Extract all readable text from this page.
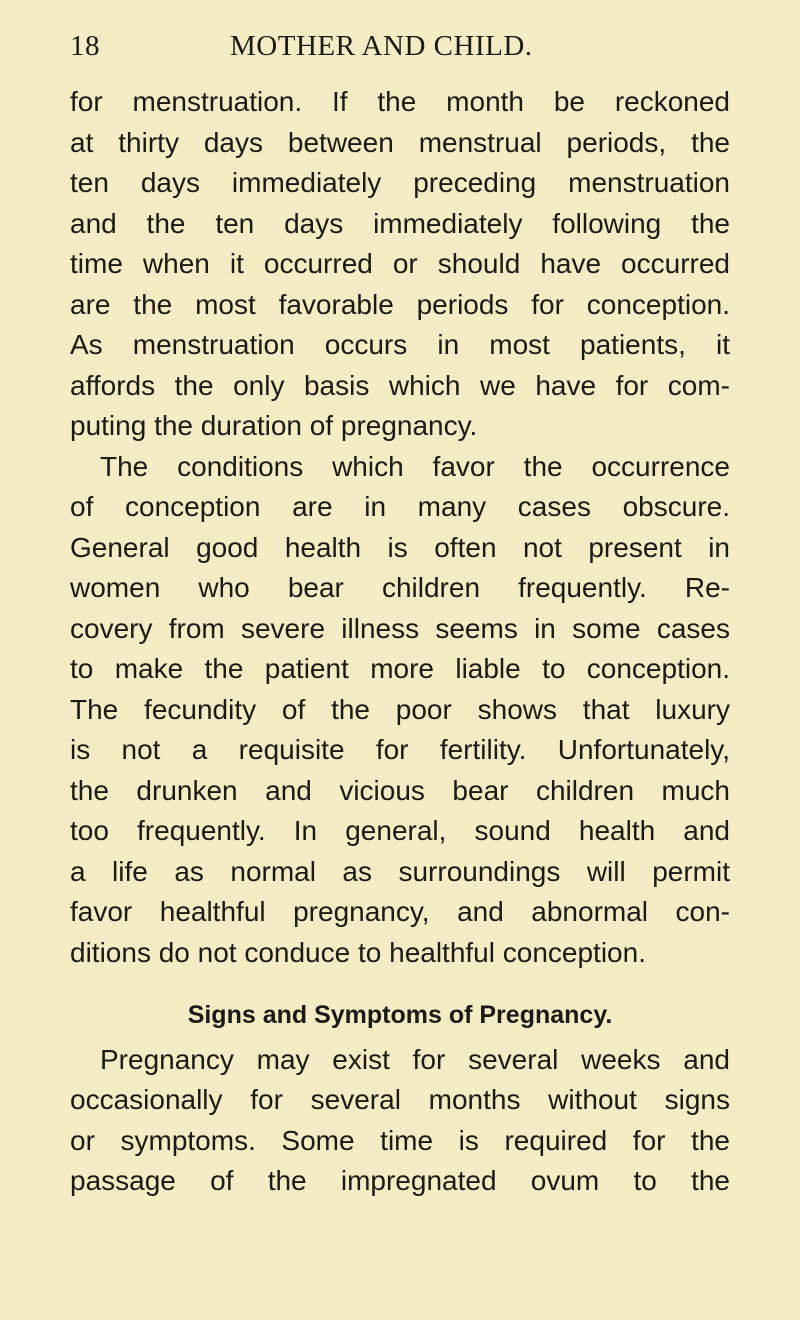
18	MOTHER AND CHILD.
for menstruation. If the month be reckoned
at thirty days between menstrual periods, the
ten days immediately preceding menstruation
and the ten days immediately following the
time when it occurred or should have occurred
are the most favorable periods for conception.
As menstruation occurs in most patients, it
affords the only basis which we have for com-
puting the duration of pregnancy.
The conditions which favor the occurrence
of conception are in many cases obscure.
General good health is often not present in
women who bear children frequently. Re-
covery from severe illness seems in some cases
to make the patient more liable to conception.
The fecundity of the poor shows that luxury
is not a requisite for fertility. Unfortunately,
the drunken and vicious bear children much
too frequently. In general, sound health and
a life as normal as surroundings will permit
favor healthful pregnancy, and abnormal con-
ditions do not conduce to healthful conception.
Signs and Symptoms of Pregnancy.
Pregnancy may exist for several weeks and
occasionally for several months without signs
or symptoms. Some time is required for the
passage of the impregnated ovum to the
